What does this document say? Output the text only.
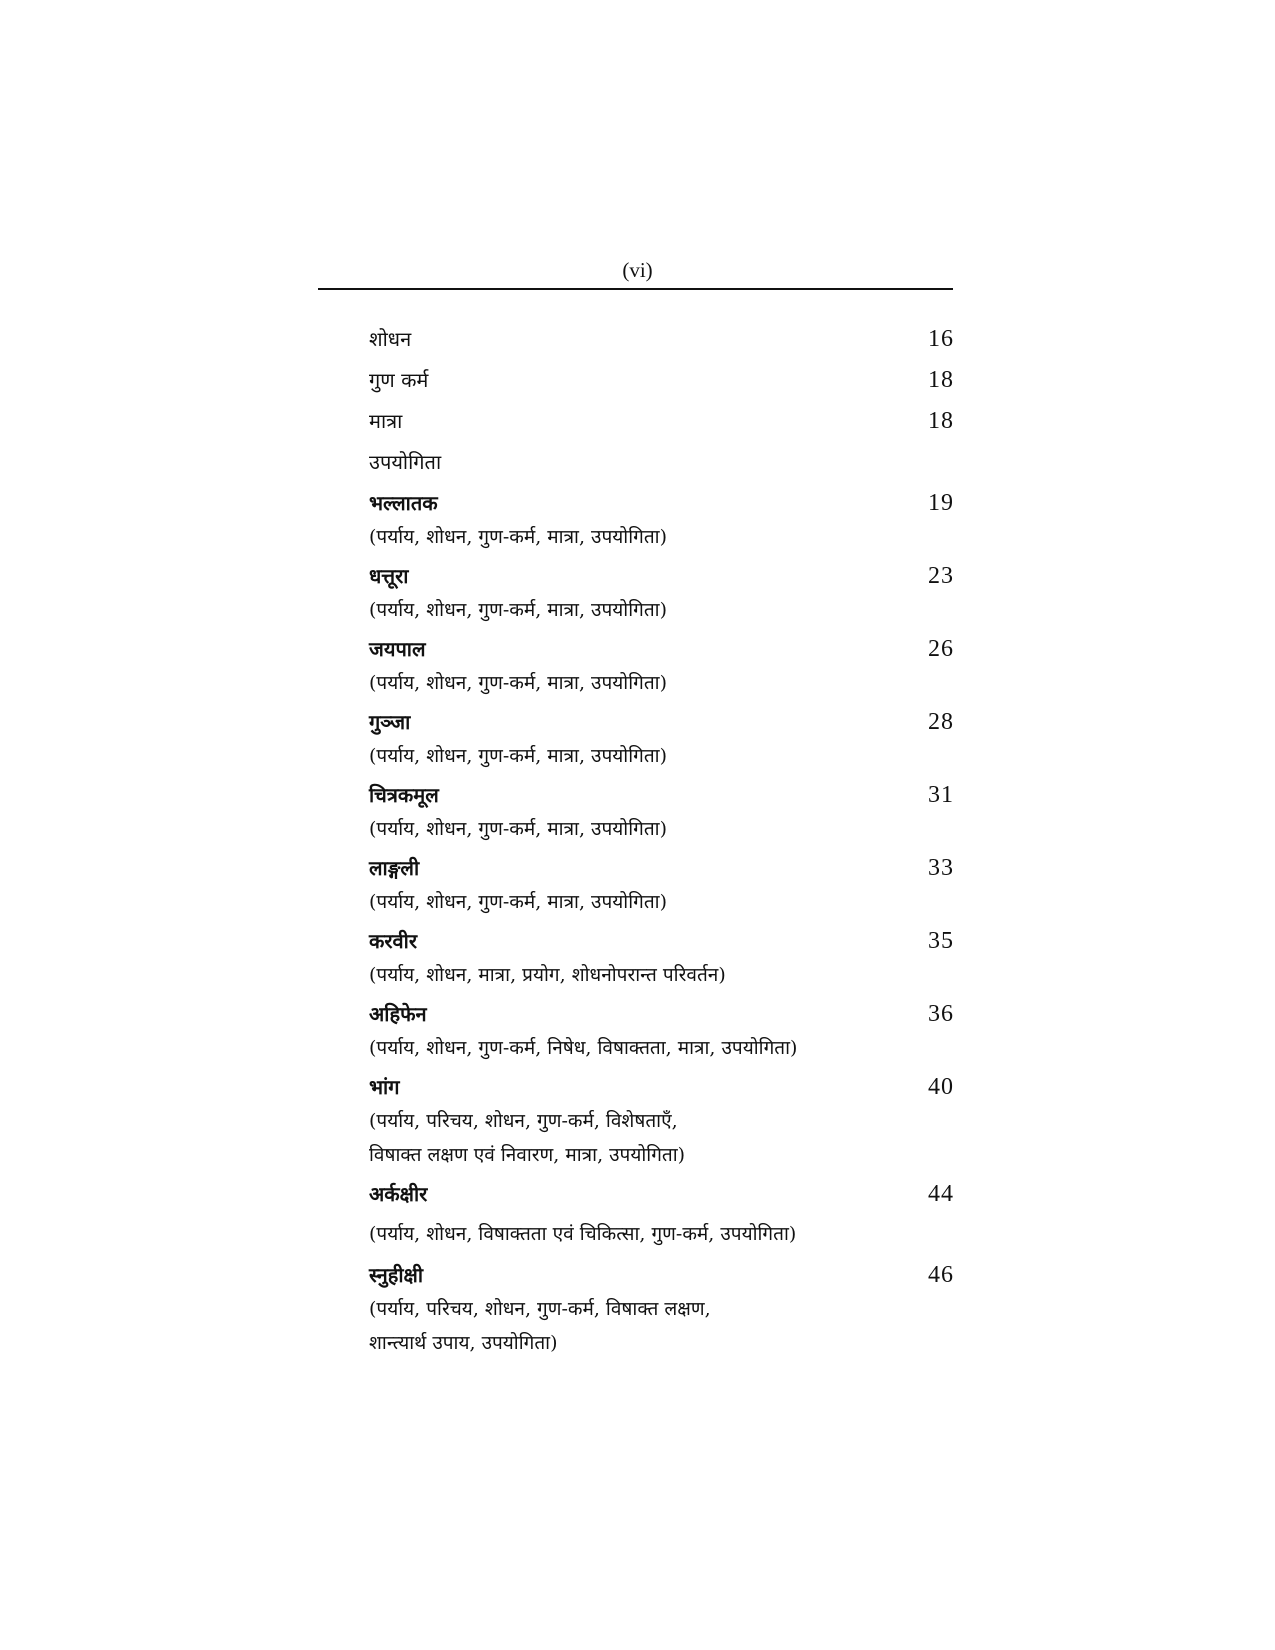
(vi)
शोधन	16
गुण कर्म	18
मात्रा	18
उपयोगिता
भल्लातक	19
(पर्याय, शोधन, गुण-कर्म, मात्रा, उपयोगिता)
धत्तूरा	23
(पर्याय, शोधन, गुण-कर्म, मात्रा, उपयोगिता)
जयपाल	26
(पर्याय, शोधन, गुण-कर्म, मात्रा, उपयोगिता)
गुञ्जा	28
(पर्याय, शोधन, गुण-कर्म, मात्रा, उपयोगिता)
चित्रकमूल	31
(पर्याय, शोधन, गुण-कर्म, मात्रा, उपयोगिता)
लाङ्गली	33
(पर्याय, शोधन, गुण-कर्म, मात्रा, उपयोगिता)
करवीर	35
(पर्याय, शोधन, मात्रा, प्रयोग, शोधनोपरान्त परिवर्तन)
अहिफेन	36
(पर्याय, शोधन, गुण-कर्म, निषेध, विषाक्तता, मात्रा, उपयोगिता)
भांग	40
(पर्याय, परिचय, शोधन, गुण-कर्म, विशेषताएँ,
विषाक्त लक्षण एवं निवारण, मात्रा, उपयोगिता)
अर्कक्षीर	44
(पर्याय, शोधन, विषाक्तता एवं चिकित्सा, गुण-कर्म, उपयोगिता)
स्नुहीक्षी	46
(पर्याय, परिचय, शोधन, गुण-कर्म, विषाक्त लक्षण,
शान्त्यार्थ उपाय, उपयोगिता)
